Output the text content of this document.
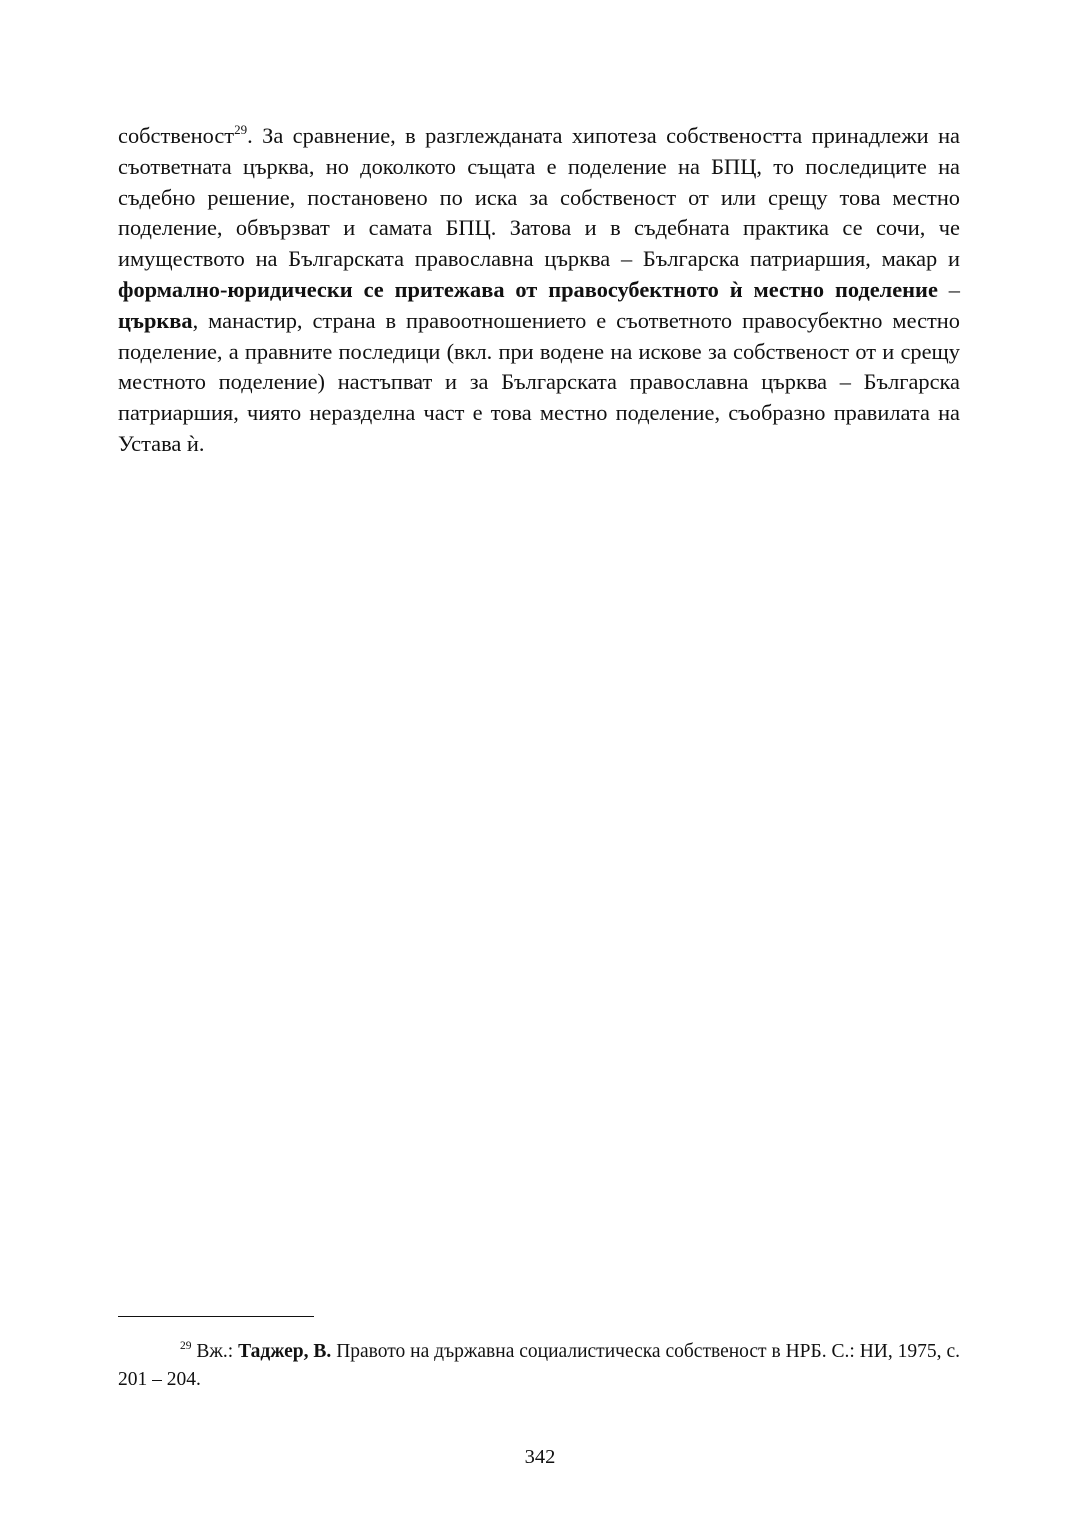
собственост$^{29}$. За сравнение, в разглежданата хипотеза собствеността принадлежи на съответната църква, но доколкото същата е поделение на БПЦ, то последиците на съдебно решение, постановено по иска за собственост от или срещу това местно поделение, обвързват и самата БПЦ. Затова и в съдебната практика се сочи, че имуществото на Българската православна църква – Българска патриаршия, макар и формално-юридически се притежава от правосубектното ѝ местно поделение – църква, манастир, страна в правоотношението е съответното правосубектно местно поделение, а правните последици (вкл. при водене на искове за собственост от и срещу местното поделение) настъпват и за Българската православна църква – Българска патриаршия, чиято неразделна част е това местно поделение, съобразно правилата на Устава ѝ.

$^{29}$ Вж.: Таджер, В. Правото на държавна социалистическа собственост в НРБ. С.: НИ, 1975, с. 201 – 204.

342
